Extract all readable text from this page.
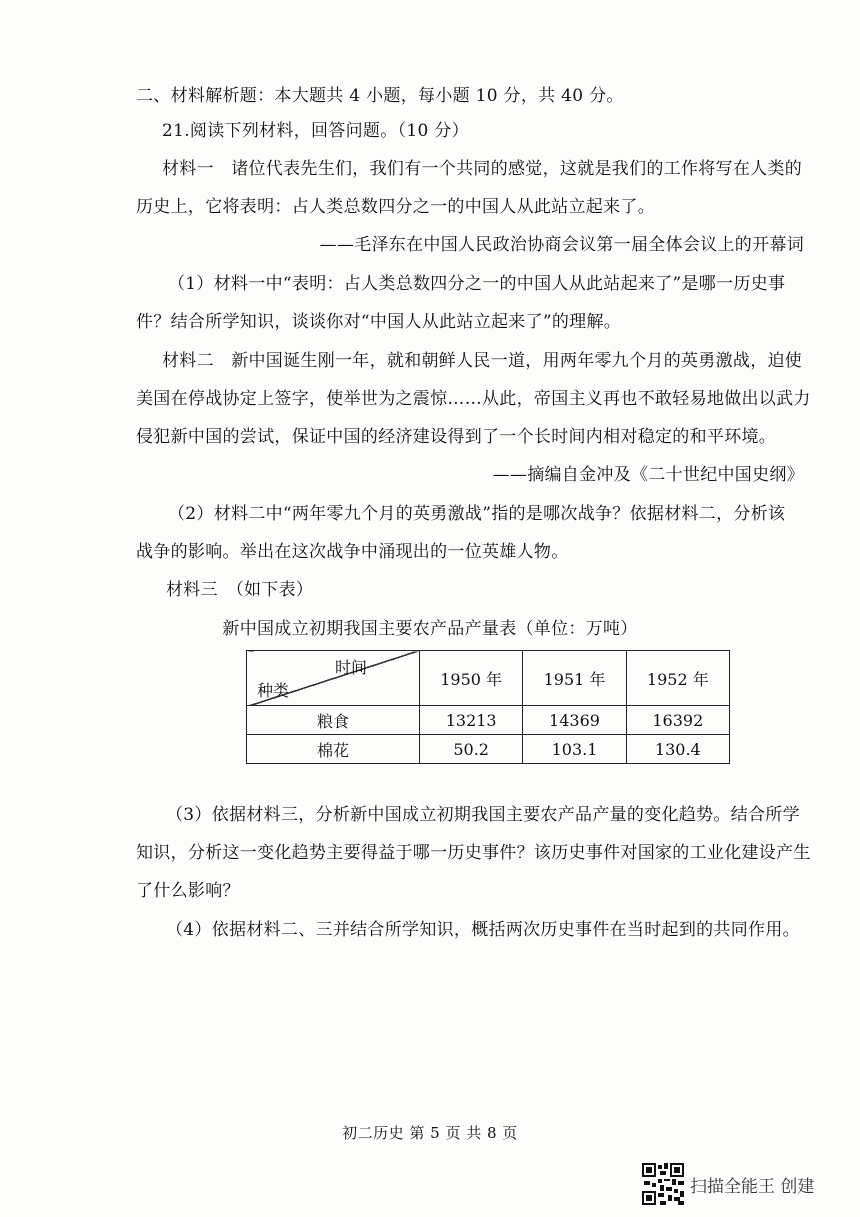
二、材料解析题：本大题共 4 小题，每小题 10 分，共 40 分。
21.阅读下列材料，回答问题。（10 分）
材料一　诸位代表先生们，我们有一个共同的感觉，这就是我们的工作将写在人类的
历史上，它将表明：占人类总数四分之一的中国人从此站立起来了。
——毛泽东在中国人民政治协商会议第一届全体会议上的开幕词
（1）材料一中“表明：占人类总数四分之一的中国人从此站起来了”是哪一历史事
件？结合所学知识，谈谈你对“中国人从此站立起来了”的理解。
材料二　新中国诞生刚一年，就和朝鲜人民一道，用两年零九个月的英勇激战，迫使
美国在停战协定上签字，使举世为之震惊……从此，帝国主义再也不敢轻易地做出以武力
侵犯新中国的尝试，保证中国的经济建设得到了一个长时间内相对稳定的和平环境。
——摘编自金冲及《二十世纪中国史纲》
（2）材料二中“两年零九个月的英勇激战”指的是哪次战争？依据材料二，分析该
战争的影响。举出在这次战争中涌现出的一位英雄人物。
材料三　（如下表）
新中国成立初期我国主要农产品产量表（单位：万吨）
时间
种类	1950 年	1951 年	1952 年
粮食	13213	14369	16392
棉花	50.2	103.1	130.4
（3）依据材料三，分析新中国成立初期我国主要农产品产量的变化趋势。结合所学
知识，分析这一变化趋势主要得益于哪一历史事件？该历史事件对国家的工业化建设产生
了什么影响？
（4）依据材料二、三并结合所学知识，概括两次历史事件在当时起到的共同作用。
初二历史 第 5 页 共 8 页
扫描全能王 创建
